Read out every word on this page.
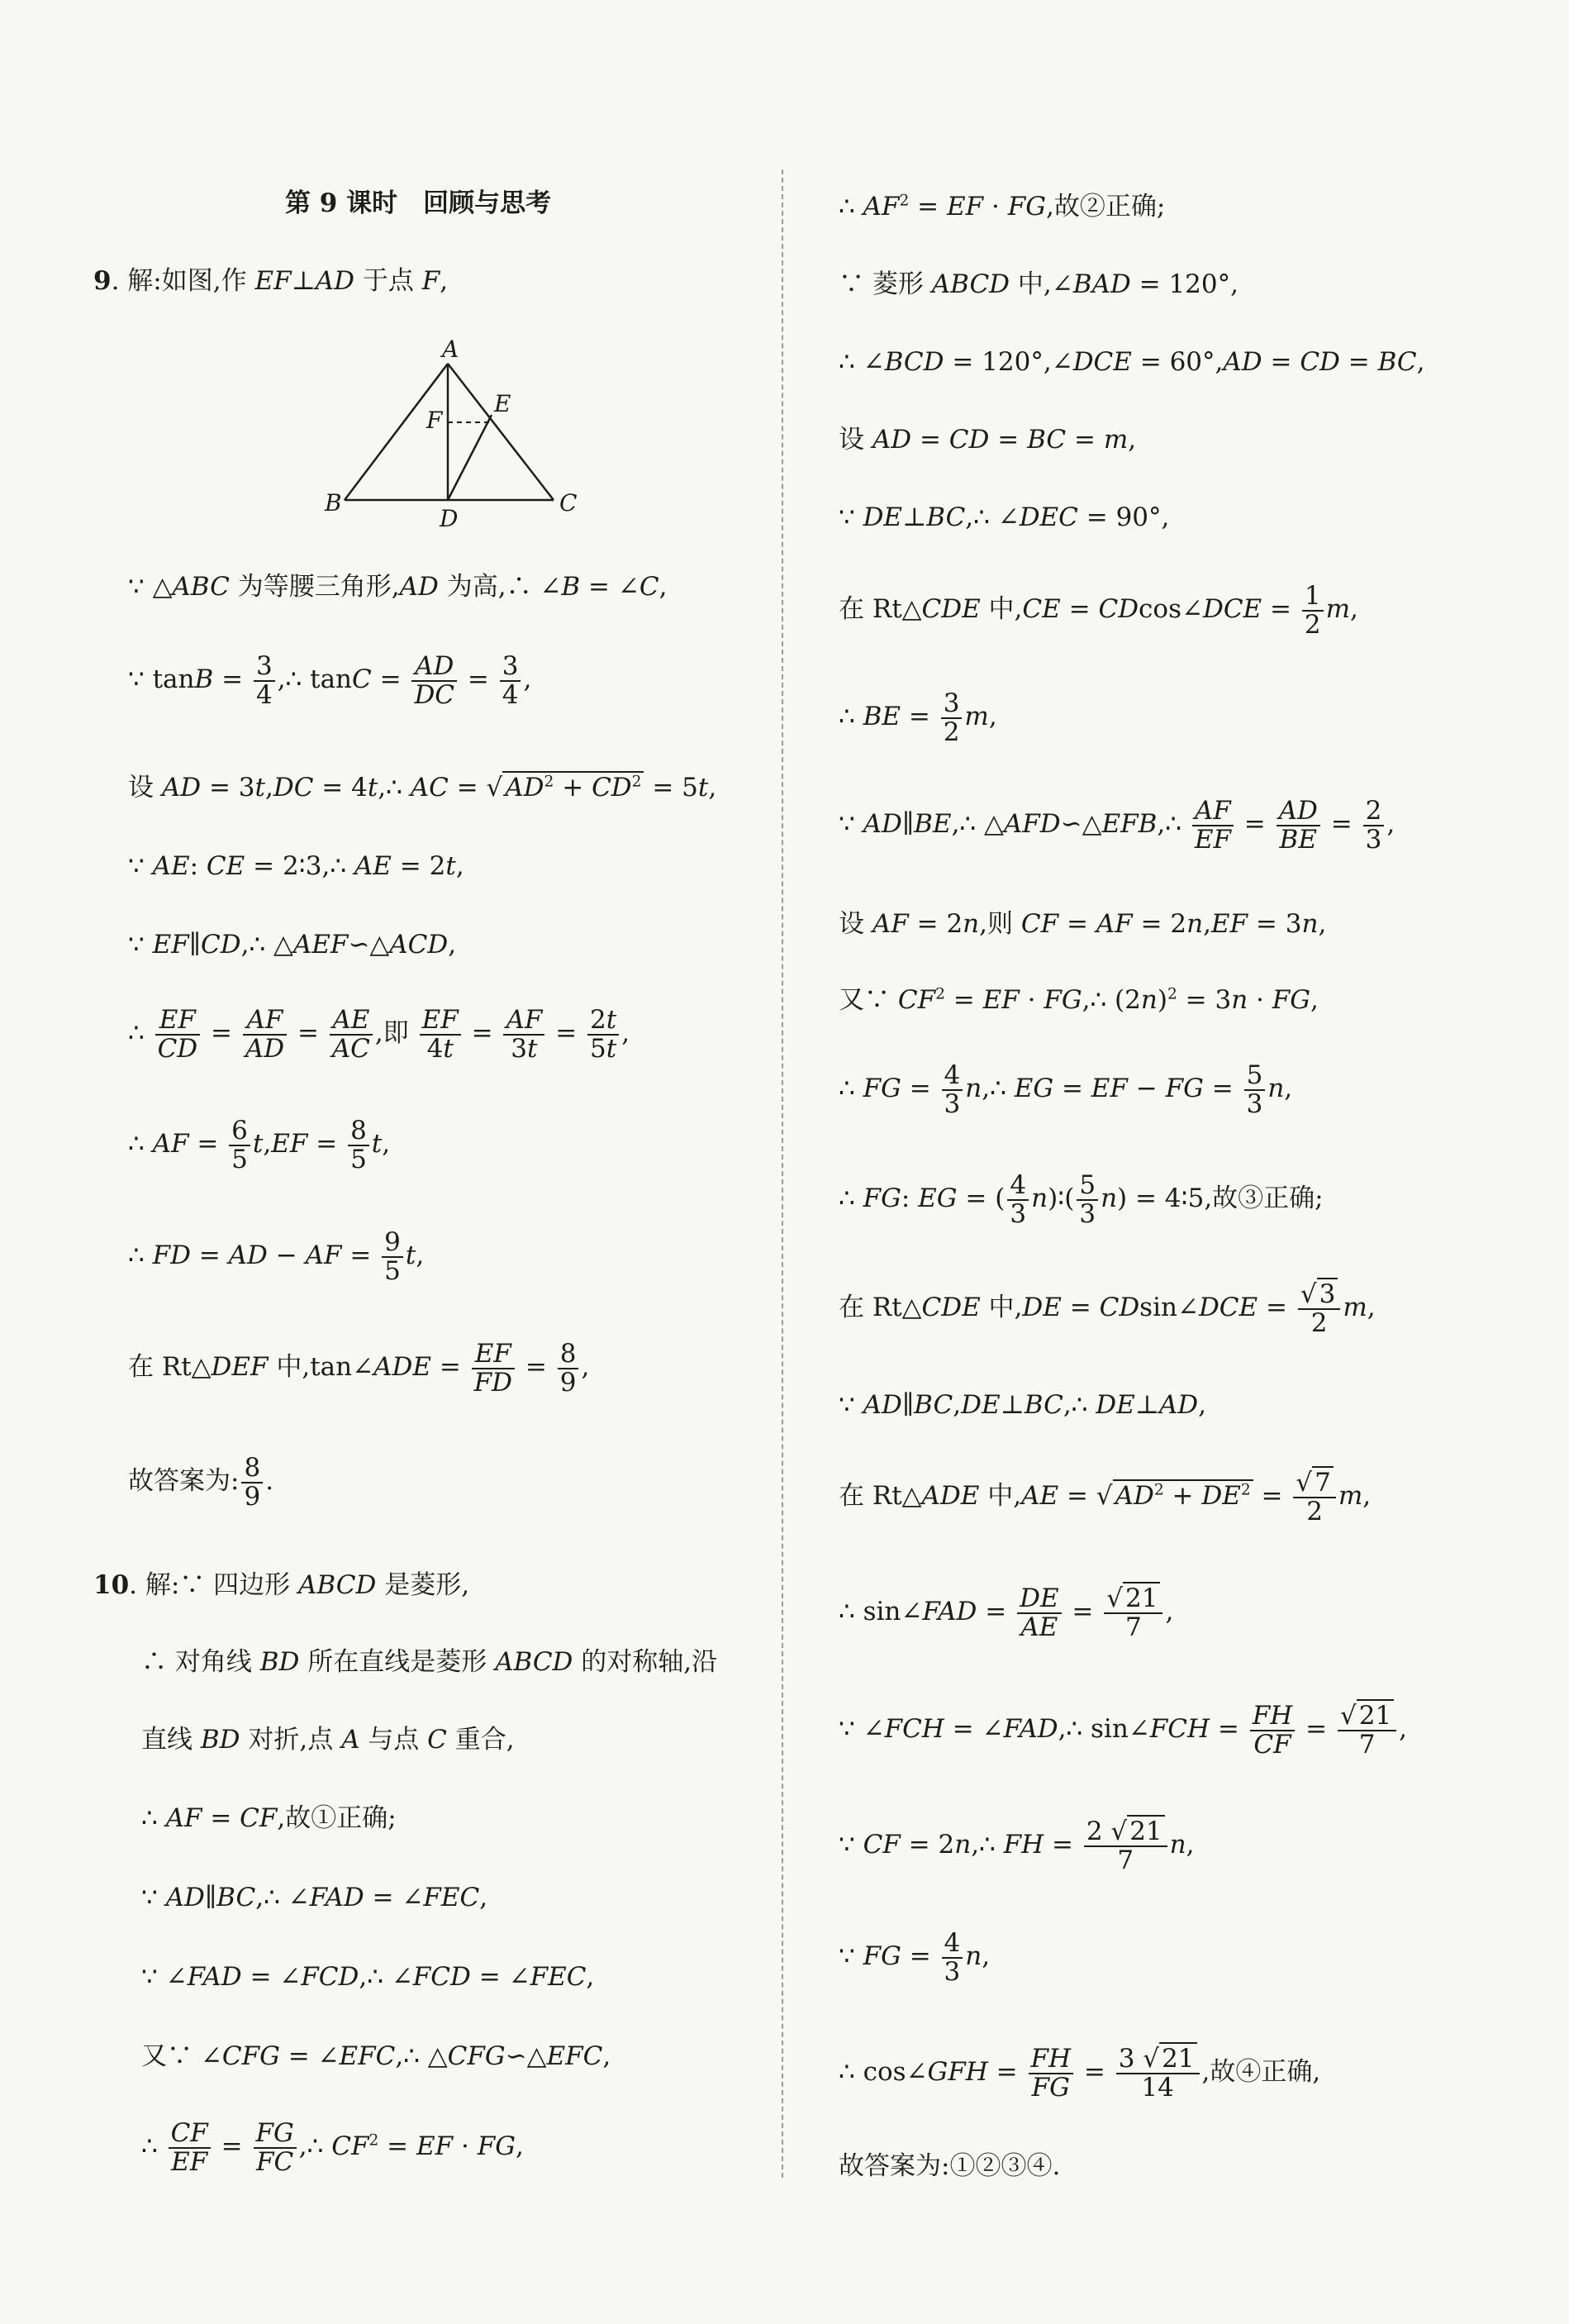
第 9 课时　回顾与思考
9. 解:如图,作 EF⊥AD 于点 F,
A
B	C
D
E
F
∵ △ABC 为等腰三角形,AD 为高,∴ ∠B = ∠C,
∵ $\tan B = \frac{3}{4}$ ,∴ $\tan C = \frac{AD}{DC} = \frac{3}{4}$ ,
设 AD = 3t,DC = 4t,∴ AC = $√AD^2 + CD^2 = 5t$,
∵ AE: CE = 2∶3,∴ AE = 2t,
∵ EF∥CD,∴ △AEF∽△ACD,
∴ $\frac{EF}{CD} = \frac{AF}{AD} = \frac{AE}{AC}$ ,即 $\frac{EF}{4t} = \frac{AF}{3t} = \frac{2t}{5t}$ ,
∴ AF = $\frac{6}{5} t,EF = \frac{8}{5} t$,
∴ FD = AD − AF = $\frac{9}{5} t$,
在 Rt△DEF 中,tan∠ADE = $\frac{EF}{FD} = \frac{8}{9}$ ,
故答案为: $\frac{8}{9}$ .
10. 解:∵ 四边形 ABCD 是菱形,
∴ 对角线 BD 所在直线是菱形 ABCD 的对称轴,沿
直线 BD 对折,点 A 与点 C 重合,
∴ AF = CF,故①正确;
∵ AD∥BC,∴ ∠FAD = ∠FEC,
∵ ∠FAD = ∠FCD,∴ ∠FCD = ∠FEC,
又∵ ∠CFG = ∠EFC,∴ △CFG∽△EFC,
∴ $\frac{CF}{EF} = \frac{FG}{FC}$ ,∴ $CF^2$ = EF · FG,
∴ $AF^2$ = EF · FG,故②正确;
∵ 菱形 ABCD 中,∠BAD = 120°,
∴ ∠BCD = 120°,∠DCE = 60°,AD = CD = BC,
设 AD = CD = BC = m,
∵ DE⊥BC,∴ ∠DEC = 90°,
在 Rt△CDE 中,CE = CDcos∠DCE = $\frac{1}{2} m$,
∴ BE = $\frac{3}{2} m$,
∵ AD∥BE,∴ △AFD∽△EFB,∴ $\frac{AF}{EF} = \frac{AD}{BE} = \frac{2}{3}$ ,
设 AF = 2n,则 CF = AF = 2n,EF = 3n,
又∵ $CF^2$ = EF · FG,∴ $(2n)^2 = 3n$ · FG,
∴ FG = $\frac{4}{3}$ n,∴ EG = EF − FG = $\frac{5}{3} n$,
∴ FG: EG = ( $\frac{4}{3}$ n)∶( $\frac{5}{3} n$) = 4∶5,故③正确;
在 Rt△CDE 中,DE = CDsin∠DCE = $\frac{√3}{2} m$,
∵ AD∥BC,DE⊥BC,∴ DE⊥AD,
在 Rt△ADE 中$,AE = √AD^2 + DE^2 = \frac{√7}{2} m$,
∴ sin∠FAD = $\frac{DE}{AE} = \frac{√21}{7}$ ,
∵ ∠FCH = ∠FAD,∴ sin∠FCH = $\frac{FH}{CF} = \frac{√21}{7}$ ,
∵ CF = 2n,∴ FH = $\frac{2 √21}{7} n$,
∵ FG = $\frac{4}{3} n$,
∴ cos∠GFH = $\frac{FH}{FG} = \frac{3 √21}{14}$ ,故④正确,
故答案为:①②③④.
